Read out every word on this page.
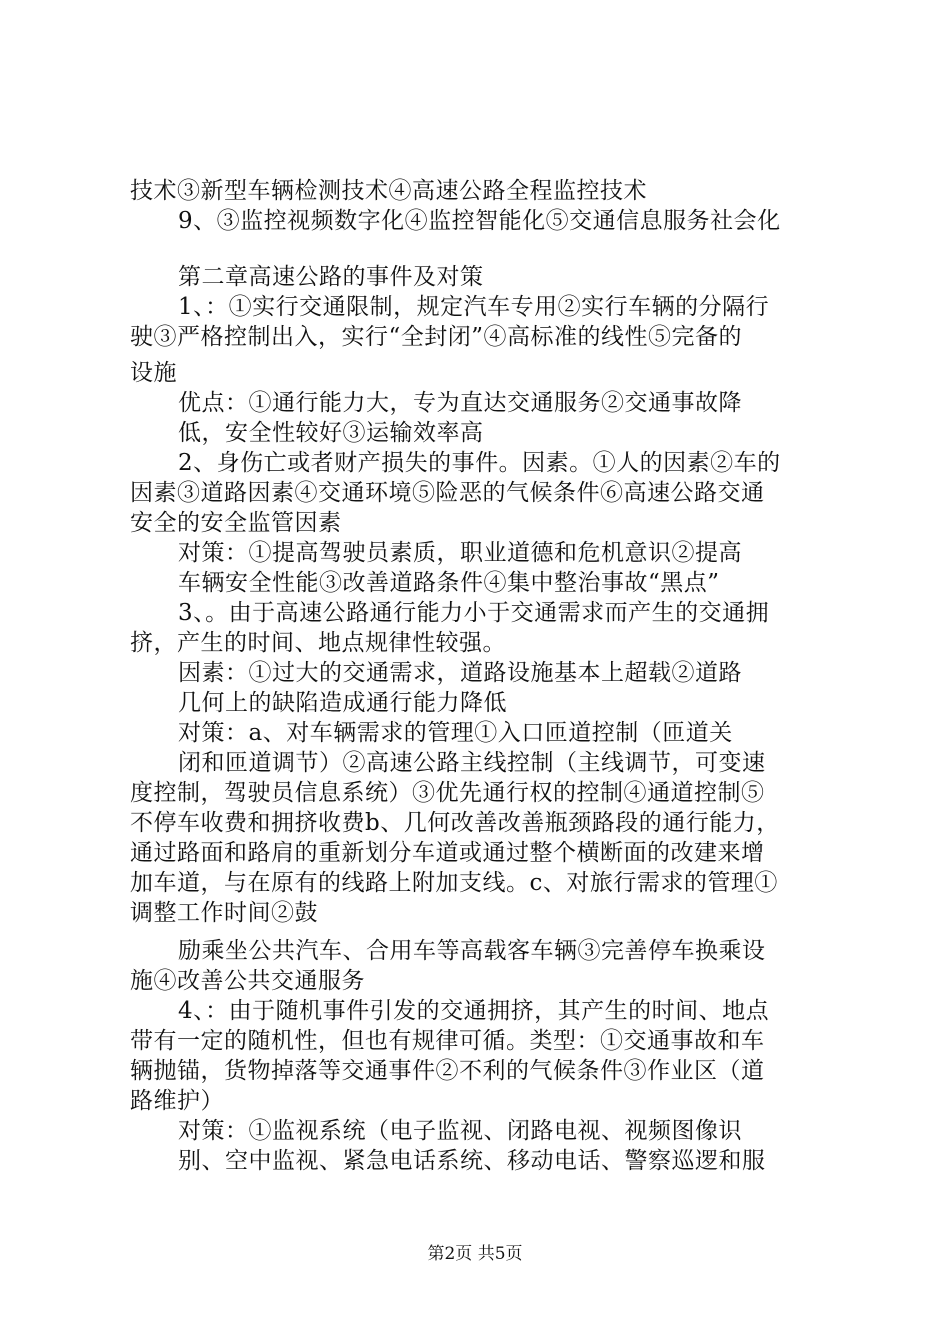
技术③新型车辆检测技术④高速公路全程监控技术
9、③监控视频数字化④监控智能化⑤交通信息服务社会化
第二章高速公路的事件及对策
1、：①实行交通限制，规定汽车专用②实行车辆的分隔行
驶③严格控制出入，实行“全封闭”④高标准的线性⑤完备的
设施
优点：①通行能力大，专为直达交通服务②交通事故降
低，安全性较好③运输效率高
2、身伤亡或者财产损失的事件。因素。①人的因素②车的
因素③道路因素④交通环境⑤险恶的气候条件⑥高速公路交通
安全的安全监管因素
对策：①提高驾驶员素质，职业道德和危机意识②提高
车辆安全性能③改善道路条件④集中整治事故“黑点”
3、。由于高速公路通行能力小于交通需求而产生的交通拥
挤，产生的时间、地点规律性较强。
因素：①过大的交通需求，道路设施基本上超载②道路
几何上的缺陷造成通行能力降低
对策：a、对车辆需求的管理①入口匝道控制（匝道关
闭和匝道调节）②高速公路主线控制（主线调节，可变速
度控制，驾驶员信息系统）③优先通行权的控制④通道控制⑤
不停车收费和拥挤收费b、几何改善改善瓶颈路段的通行能力，
通过路面和路肩的重新划分车道或通过整个横断面的改建来增
加车道，与在原有的线路上附加支线。c、对旅行需求的管理①
调整工作时间②鼓
励乘坐公共汽车、合用车等高载客车辆③完善停车换乘设
施④改善公共交通服务
4、：由于随机事件引发的交通拥挤，其产生的时间、地点
带有一定的随机性，但也有规律可循。类型：①交通事故和车
辆抛锚，货物掉落等交通事件②不利的气候条件③作业区（道
路维护）
对策：①监视系统（电子监视、闭路电视、视频图像识
别、空中监视、紧急电话系统、移动电话、警察巡逻和服
第2页 共5页
